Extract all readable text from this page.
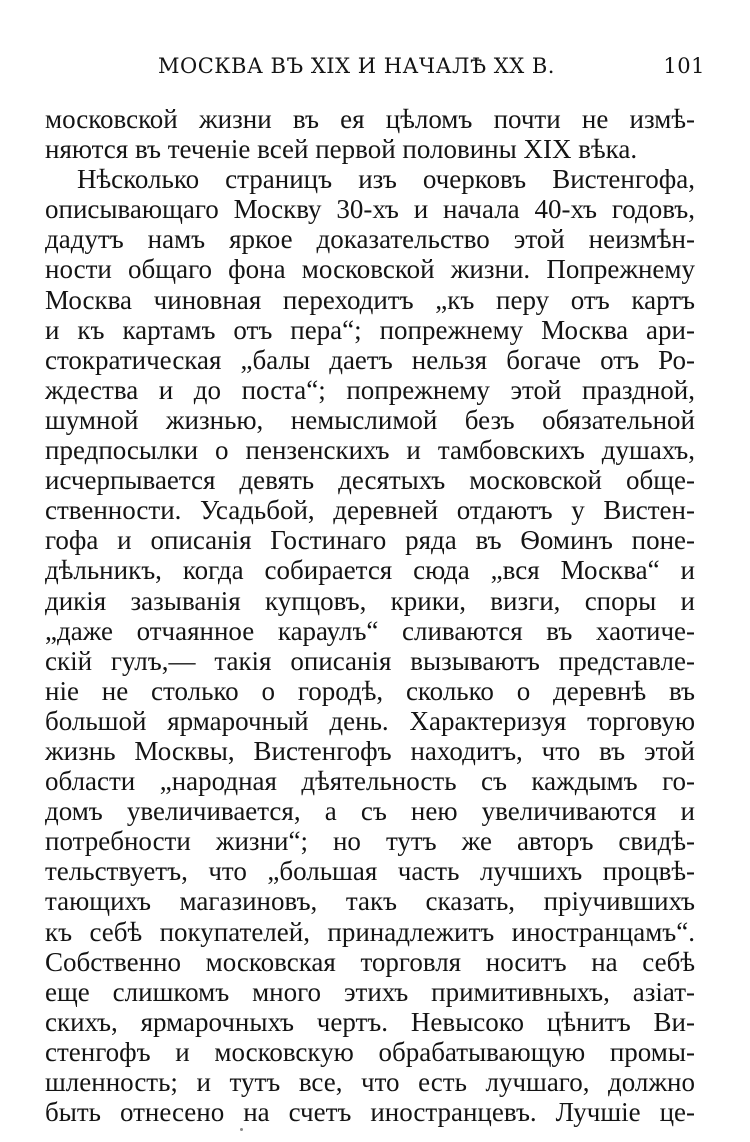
МОСКВА ВЪ XIX И НАЧАЛѢ XX В.	101
московской жизни въ ея цѣломъ почти не измѣ-
няются въ теченіе всей первой половины XIX вѣка.
Нѣсколько страницъ изъ очерковъ Вистенгофа,
описывающаго Москву 30-хъ и начала 40-хъ годовъ,
дадутъ намъ яркое доказательство этой неизмѣн-
ности общаго фона московской жизни. Попрежнему
Москва чиновная переходитъ „къ перу отъ картъ
и къ картамъ отъ пера“; попрежнему Москва ари-
стократическая „балы даетъ нельзя богаче отъ Ро-
ждества и до поста“; попрежнему этой праздной,
шумной жизнью, немыслимой безъ обязательной
предпосылки о пензенскихъ и тамбовскихъ душахъ,
исчерпывается девять десятыхъ московской обще-
ственности. Усадьбой, деревней отдаютъ у Вистен-
гофа и описанія Гостинаго ряда въ Ѳоминъ поне-
дѣльникъ, когда собирается сюда „вся Москва“ и
дикія зазыванія купцовъ, крики, визги, споры и
„даже отчаянное караулъ“ сливаются въ хаотиче-
скій гулъ,— такія описанія вызываютъ представле-
ніе не столько о городѣ, сколько о деревнѣ въ
большой ярмарочный день. Характеризуя торговую
жизнь Москвы, Вистенгофъ находитъ, что въ этой
области „народная дѣятельность съ каждымъ го-
домъ увеличивается, а съ нею увеличиваются и
потребности жизни“; но тутъ же авторъ свидѣ-
тельствуетъ, что „большая часть лучшихъ процвѣ-
тающихъ магазиновъ, такъ сказать, пріучившихъ
къ себѣ покупателей, принадлежитъ иностранцамъ“.
Собственно московская торговля носитъ на себѣ
еще слишкомъ много этихъ примитивныхъ, азіат-
скихъ, ярмарочныхъ чертъ. Невысоко цѣнитъ Ви-
стенгофъ и московскую обрабатывающую промы-
шленность; и тутъ все, что есть лучшаго, должно
быть отнесено на счетъ иностранцевъ. Лучшіе це-
